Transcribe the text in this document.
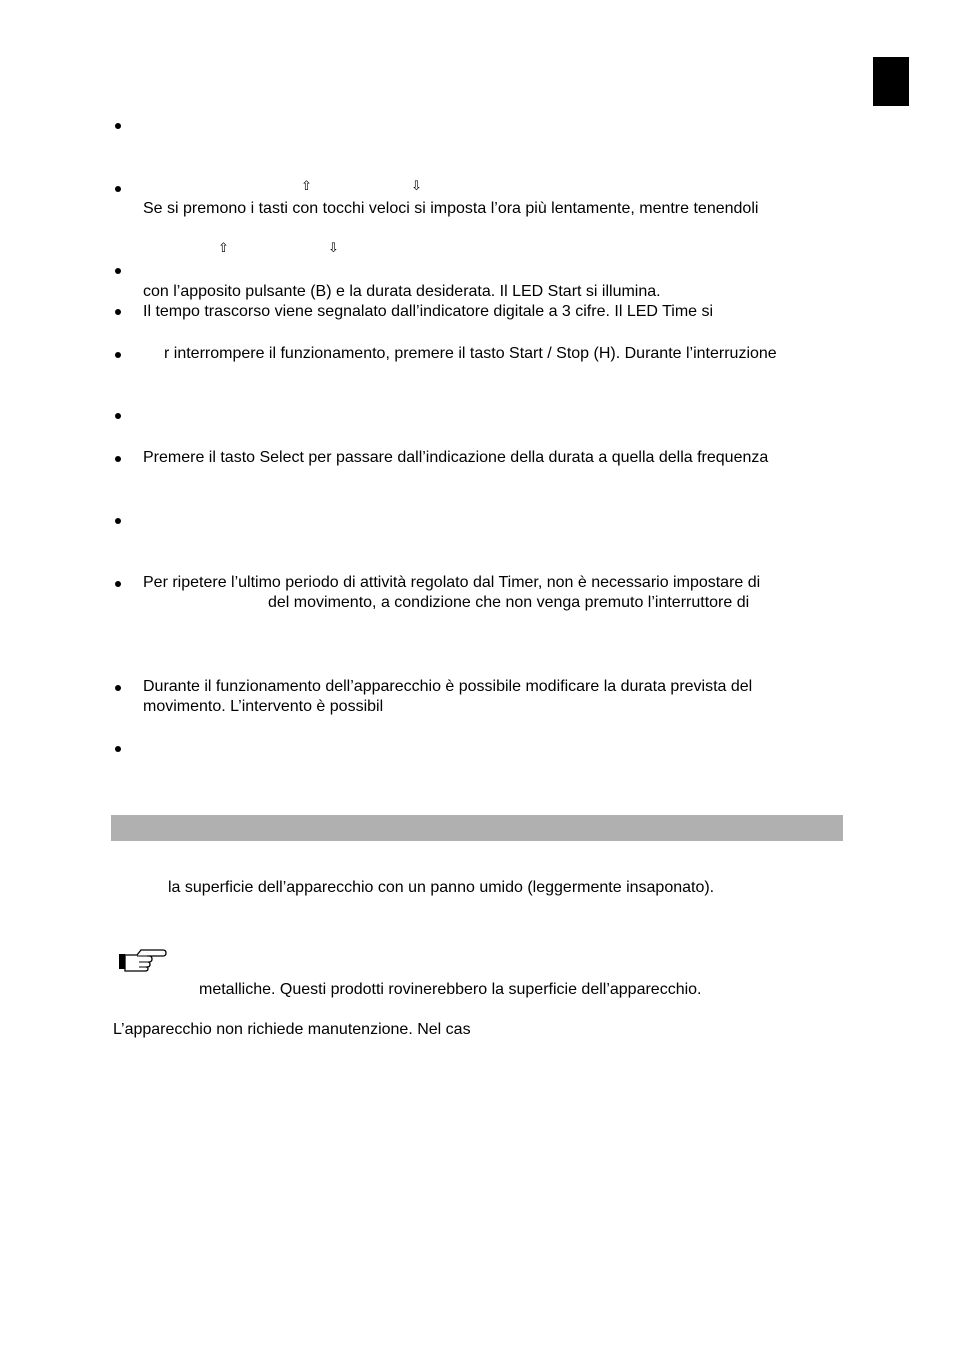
⇧	⇩
Se si premono i tasti con tocchi veloci si imposta l’ora più lentamente, mentre tenendoli
⇧	⇩
con l’apposito pulsante (B) e la durata desiderata. Il LED Start si illumina.
Il tempo trascorso viene segnalato dall’indicatore digitale a 3 cifre. Il LED Time si
r interrompere il funzionamento, premere il tasto Start / Stop (H). Durante l’interruzione
Premere il tasto Select per passare dall’indicazione della durata a quella della frequenza
Per ripetere l’ultimo periodo di attività regolato dal Timer, non è necessario impostare di
del movimento, a condizione che non venga premuto l’interruttore di
Durante il funzionamento dell’apparecchio è possibile modificare la durata prevista del
movimento. L’intervento è possibil
la superficie dell’apparecchio con un panno umido (leggermente insaponato).
metalliche. Questi prodotti rovinerebbero la superficie dell’apparecchio.
L’apparecchio non richiede manutenzione. Nel cas
